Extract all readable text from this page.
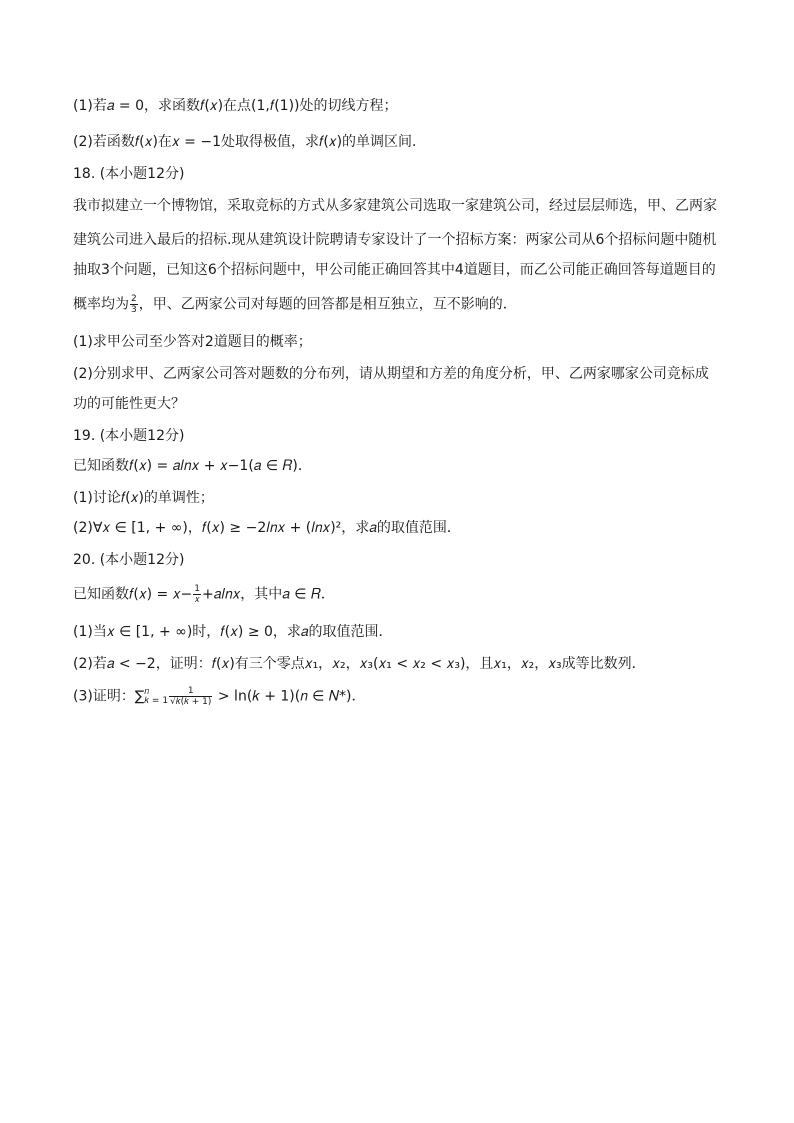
(1)若𝑎 = 0，求函数𝑓(𝑥)在点(1,𝑓(1))处的切线方程；

(2)若函数𝑓(𝑥)在𝑥 = −1处取得极值，求𝑓(𝑥)的单调区间．

18. (本小题12分)

我市拟建立一个博物馆，采取竞标的方式从多家建筑公司选取一家建筑公司，经过层层师选，甲、乙两家

建筑公司进入最后的招标.现从建筑设计院聘请专家设计了一个招标方案：两家公司从6个招标问题中随机

抽取3个问题，已知这6个招标问题中，甲公司能正确回答其中4道题目，而乙公司能正确回答每道题目的

概率均为 $\frac{2}{3}$ ，甲、乙两家公司对每题的回答都是相互独立，互不影响的．

(1)求甲公司至少答对2道题目的概率；

(2)分别求甲、乙两家公司答对题数的分布列，请从期望和方差的角度分析，甲、乙两家哪家公司竞标成

功的可能性更大？

19. (本小题12分)

已知函数𝑓(𝑥) = 𝑎𝑙𝑛𝑥 + 𝑥−1(𝑎 ∈ 𝑅)．

(1)讨论𝑓(𝑥)的单调性；

(2)∀𝑥 ∈ [1, + ∞)，𝑓(𝑥) ≥ −2𝑙𝑛𝑥 + (𝑙𝑛𝑥)²，求𝑎的取值范围．

20. (本小题12分)

已知函数𝑓(𝑥) = 𝑥− $\frac{1}{\text{𝑥}}$ +𝑎𝑙𝑛𝑥，其中𝑎 ∈ 𝑅．

(1)当𝑥 ∈ [1, + ∞)时，𝑓(𝑥) ≥ 0，求𝑎的取值范围．

(2)若𝑎 < −2，证明：𝑓(𝑥)有三个零点𝑥₁，𝑥₂，𝑥₃(𝑥₁ < 𝑥₂ < 𝑥₃)，且𝑥₁，𝑥₂，𝑥₃成等比数列．

(3)证明：∑ 𝑛
𝑘 = $1 \frac{1}{\text{√𝑘(𝑘 + 1)}}$ > ln(𝑘 + 1)(𝑛 ∈ 𝑁*)．
